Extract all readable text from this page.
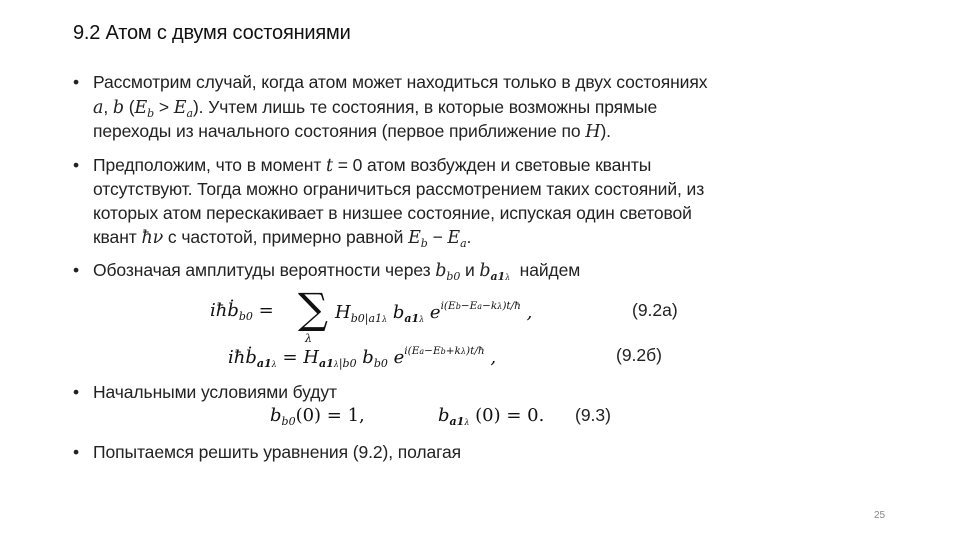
9.2 Атом с двумя состояниями
• Рассмотрим случай, когда атом может находиться только в двух состояниях
a, b $(E_b > E_a)$. Учтем лишь те состояния, в которые возможны прямые
переходы из начального состояния (первое приближение по H).
• Предположим, что в момент t = 0 атом возбужден и световые кванты
отсутствуют. Тогда можно ограничиться рассмотрением таких состояний, из
которых атом перескакивает в низшее состояние, испуская один световой
квант ħν с частотой, примерно равной $E_b - E_a$.
• Обозначая амплитуды вероятности через $b_{b0}$ и $b_{a1\lambda}$  найдем
iħḃ$_{b0}$ = ∑
λ
$H_{b0|a1\lambda}$ $b_{a1\lambda}$ $e^{i(Eb-Ea-k\lambda)t/ħ}$ ,	(9.2а)
iħḃ$_{a1\lambda}$ = $H_{a1\lambda|b0}$ $b_{b0}$ $e^{i(Ea-Eb+k\lambda)t/ħ}$ ,	(9.2б)
• Начальными условиями будут
$b_{b0}(0) = 1$,	$b_{a1\lambda}$ (0) = 0. (9.3)
• Попытаемся решить уравнения (9.2), полагая
25
